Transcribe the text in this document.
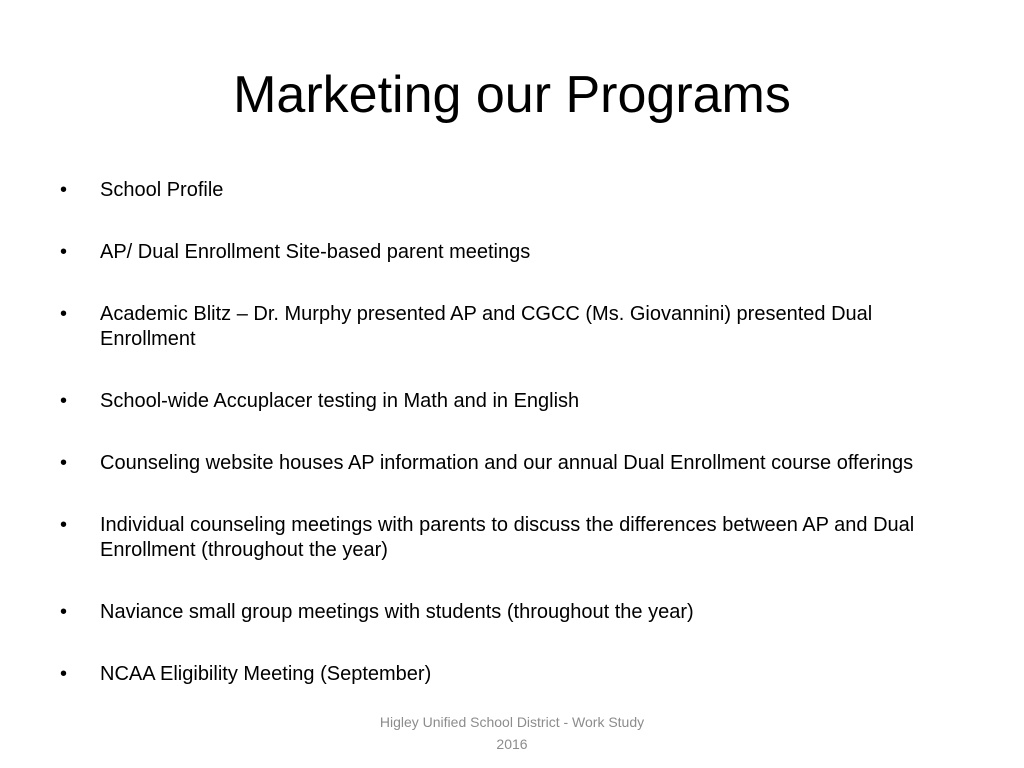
Marketing our Programs
•	School Profile
•	AP/ Dual Enrollment Site-based parent meetings
•	Academic Blitz – Dr. Murphy presented AP and CGCC (Ms. Giovannini) presented Dual Enrollment
•	School-wide Accuplacer testing in Math and in English
•	Counseling website houses AP information and our annual Dual Enrollment course offerings
•	Individual counseling meetings with parents to discuss the differences between AP and Dual Enrollment (throughout the year)
•	Naviance small group meetings with students (throughout the year)
•	NCAA Eligibility Meeting (September)
Higley Unified School District - Work Study
2016
